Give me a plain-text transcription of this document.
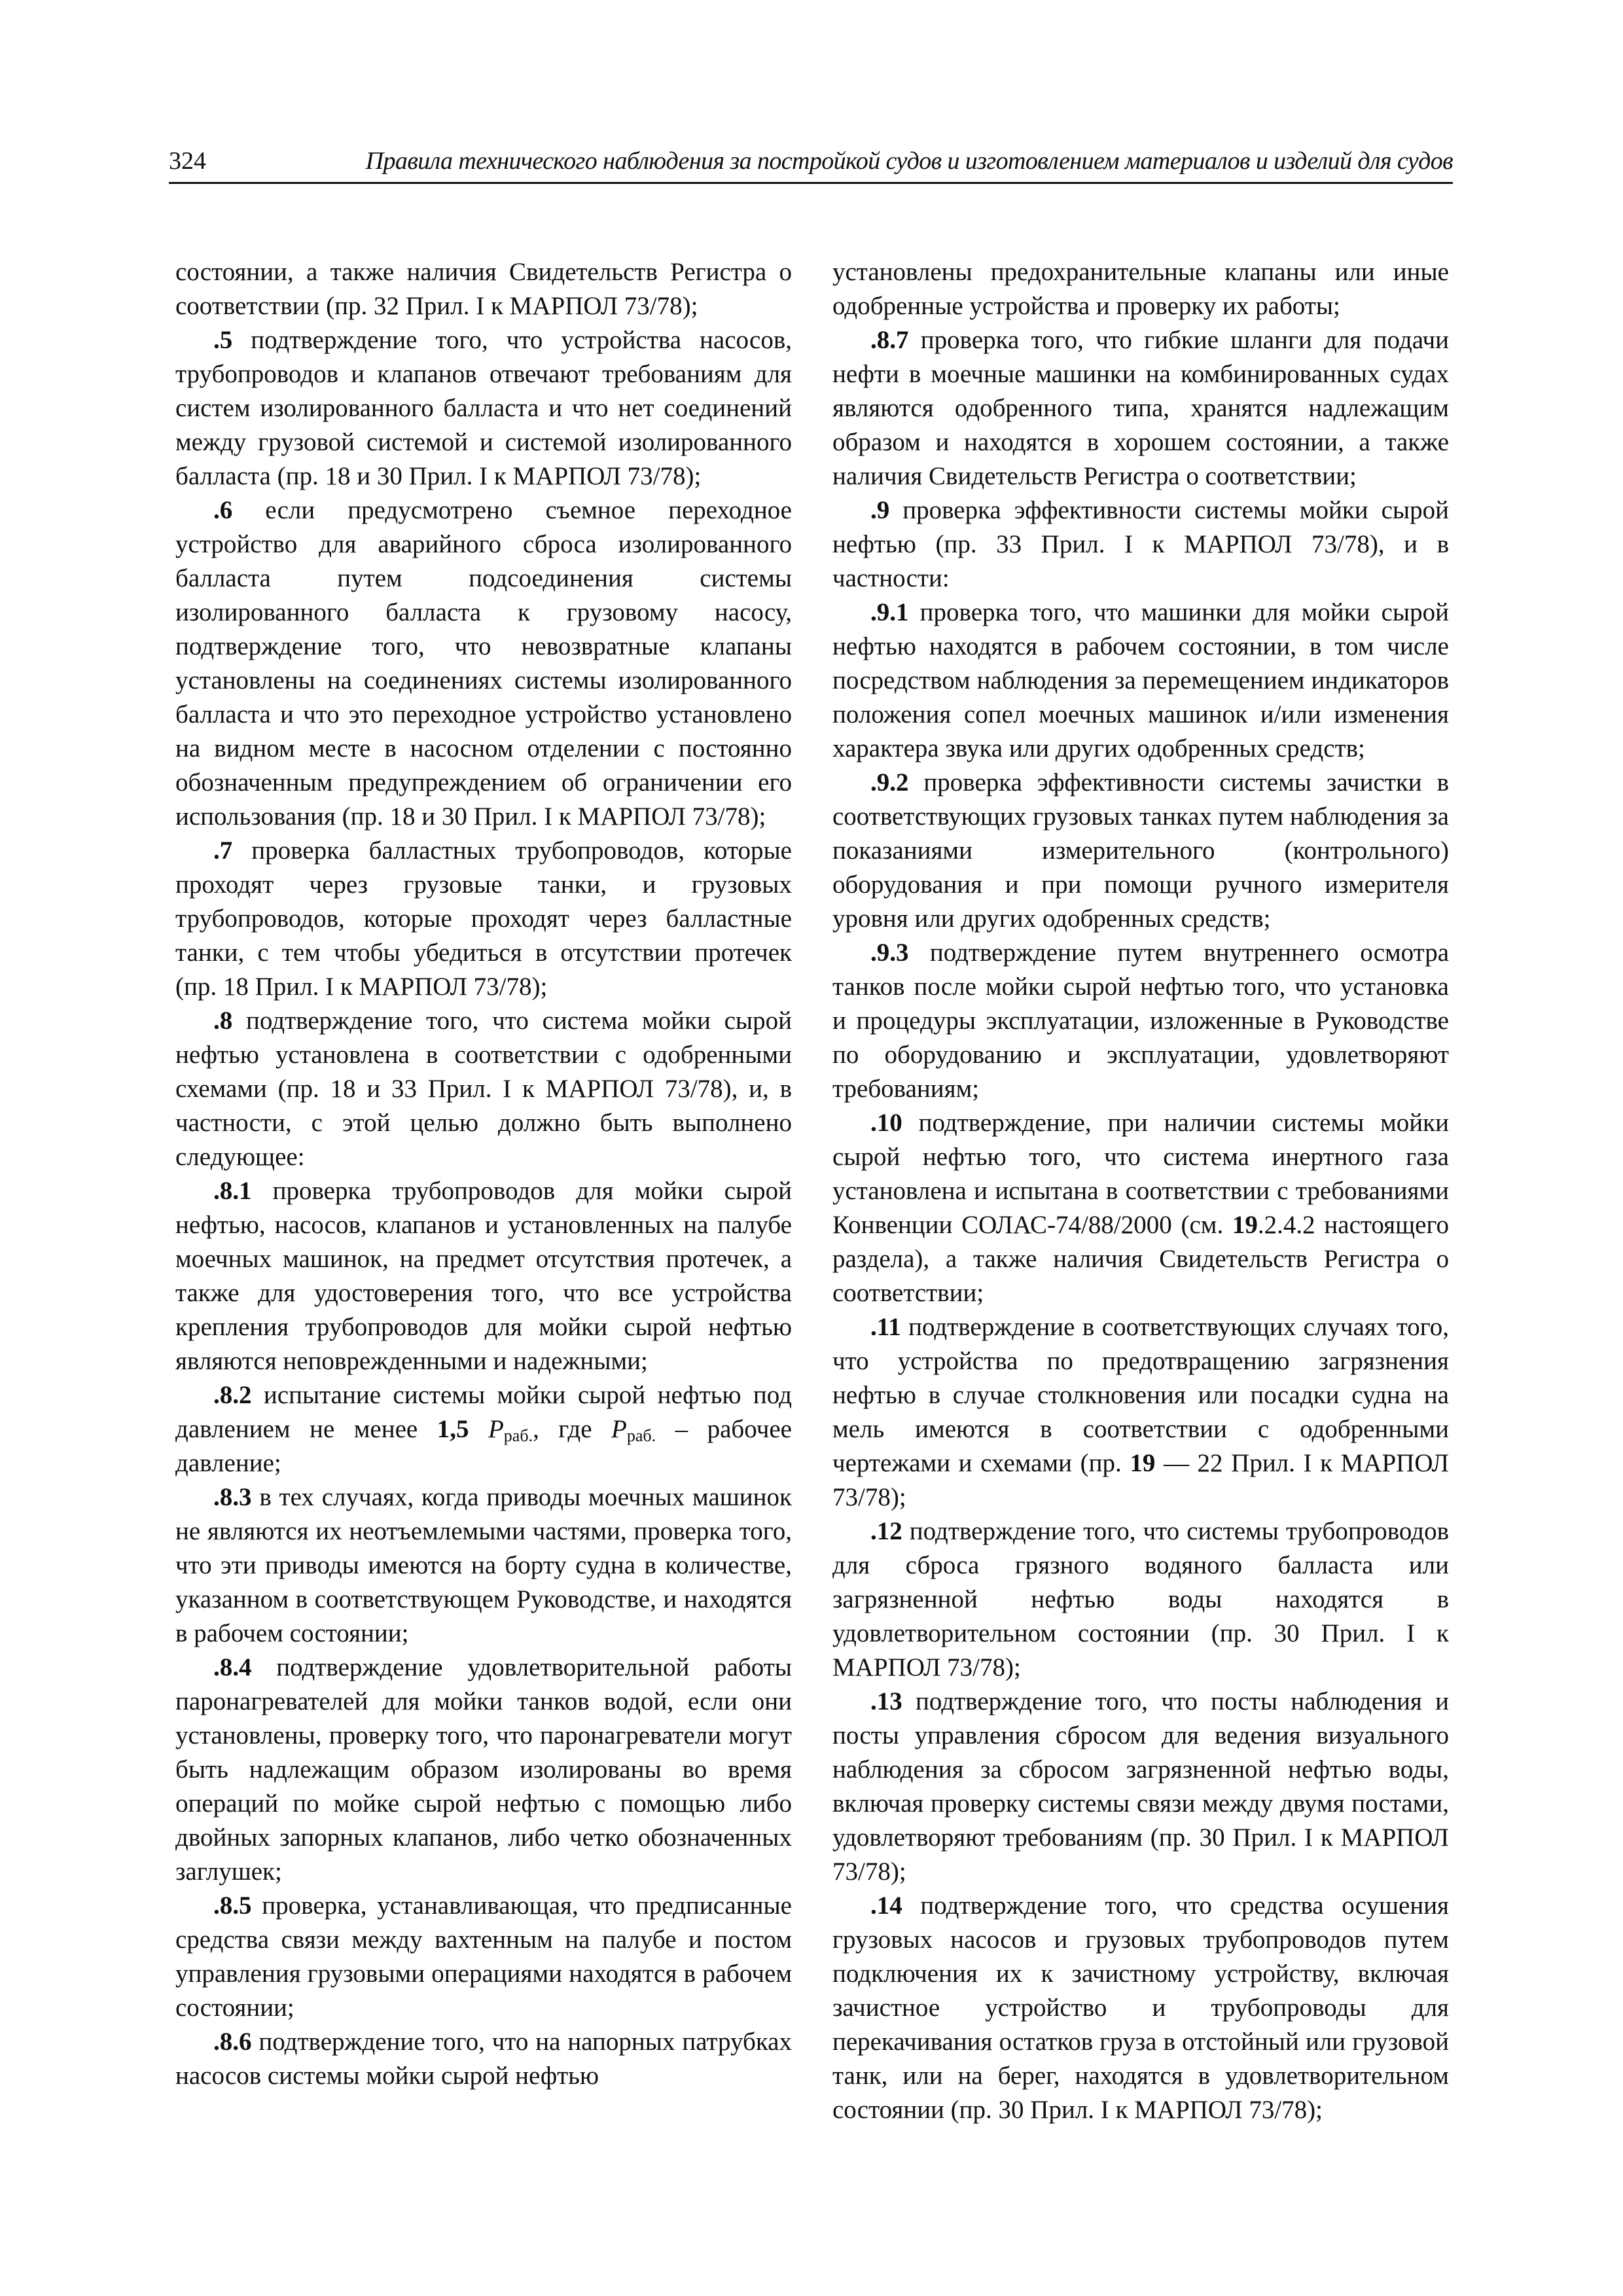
324	Правила технического наблюдения за постройкой судов и изготовлением материалов и изделий для судов

состоянии, а также наличия Свидетельств Регистра о соответствии (пр. 32 Прил. I к МАРПОЛ 73/78);

.5 подтверждение того, что устройства насосов, трубопроводов и клапанов отвечают требованиям для систем изолированного балласта и что нет соединений между грузовой системой и системой изолированного балласта (пр. 18 и 30 Прил. I к МАРПОЛ 73/78);

.6 если предусмотрено съемное переходное устройство для аварийного сброса изолированного балласта путем подсоединения системы изолированного балласта к грузовому насосу, подтверждение того, что невозвратные клапаны установлены на соединениях системы изолированного балласта и что это переходное устройство установлено на видном месте в насосном отделении с постоянно обозначенным предупреждением об ограничении его использования (пр. 18 и 30 Прил. I к МАРПОЛ 73/78);

.7 проверка балластных трубопроводов, которые проходят через грузовые танки, и грузовых трубопроводов, которые проходят через балластные танки, с тем чтобы убедиться в отсутствии протечек (пр. 18 Прил. I к МАРПОЛ 73/78);

.8 подтверждение того, что система мойки сырой нефтью установлена в соответствии с одобренными схемами (пр. 18 и 33 Прил. I к МАРПОЛ 73/78), и, в частности, с этой целью должно быть выполнено следующее:

.8.1 проверка трубопроводов для мойки сырой нефтью, насосов, клапанов и установленных на палубе моечных машинок, на предмет отсутствия протечек, а также для удостоверения того, что все устройства крепления трубопроводов для мойки сырой нефтью являются неповрежденными и надежными;

.8.2 испытание системы мойки сырой нефтью под давлением не менее 1,5 $P_{раб.}$, где $P_{раб.}$ – рабочее давление;

.8.3 в тех случаях, когда приводы моечных машинок не являются их неотъемлемыми частями, проверка того, что эти приводы имеются на борту судна в количестве, указанном в соответствующем Руководстве, и находятся в рабочем состоянии;

.8.4 подтверждение удовлетворительной работы паронагревателей для мойки танков водой, если они установлены, проверку того, что паронагреватели могут быть надлежащим образом изолированы во время операций по мойке сырой нефтью с помощью либо двойных запорных клапанов, либо четко обозначенных заглушек;

.8.5 проверка, устанавливающая, что предписанные средства связи между вахтенным на палубе и постом управления грузовыми операциями находятся в рабочем состоянии;

.8.6 подтверждение того, что на напорных патрубках насосов системы мойки сырой нефтью

установлены предохранительные клапаны или иные одобренные устройства и проверку их работы;

.8.7 проверка того, что гибкие шланги для подачи нефти в моечные машинки на комбинированных судах являются одобренного типа, хранятся надлежащим образом и находятся в хорошем состоянии, а также наличия Свидетельств Регистра о соответствии;

.9 проверка эффективности системы мойки сырой нефтью (пр. 33 Прил. I к МАРПОЛ 73/78), и в частности:

.9.1 проверка того, что машинки для мойки сырой нефтью находятся в рабочем состоянии, в том числе посредством наблюдения за перемещением индикаторов положения сопел моечных машинок и/или изменения характера звука или других одобренных средств;

.9.2 проверка эффективности системы зачистки в соответствующих грузовых танках путем наблюдения за показаниями измерительного (контрольного) оборудования и при помощи ручного измерителя уровня или других одобренных средств;

.9.3 подтверждение путем внутреннего осмотра танков после мойки сырой нефтью того, что установка и процедуры эксплуатации, изложенные в Руководстве по оборудованию и эксплуатации, удовлетворяют требованиям;

.10 подтверждение, при наличии системы мойки сырой нефтью того, что система инертного газа установлена и испытана в соответствии с требованиями Конвенции СОЛАС-74/88/2000 (см. 19.2.4.2 настоящего раздела), а также наличия Свидетельств Регистра о соответствии;

.11 подтверждение в соответствующих случаях того, что устройства по предотвращению загрязнения нефтью в случае столкновения или посадки судна на мель имеются в соответствии с одобренными чертежами и схемами (пр. 19 — 22 Прил. I к МАРПОЛ 73/78);

.12 подтверждение того, что системы трубопроводов для сброса грязного водяного балласта или загрязненной нефтью воды находятся в удовлетворительном состоянии (пр. 30 Прил. I к МАРПОЛ 73/78);

.13 подтверждение того, что посты наблюдения и посты управления сбросом для ведения визуального наблюдения за сбросом загрязненной нефтью воды, включая проверку системы связи между двумя постами, удовлетворяют требованиям (пр. 30 Прил. I к МАРПОЛ 73/78);

.14 подтверждение того, что средства осушения грузовых насосов и грузовых трубопроводов путем подключения их к зачистному устройству, включая зачистное устройство и трубопроводы для перекачивания остатков груза в отстойный или грузовой танк, или на берег, находятся в удовлетворительном состоянии (пр. 30 Прил. I к МАРПОЛ 73/78);
